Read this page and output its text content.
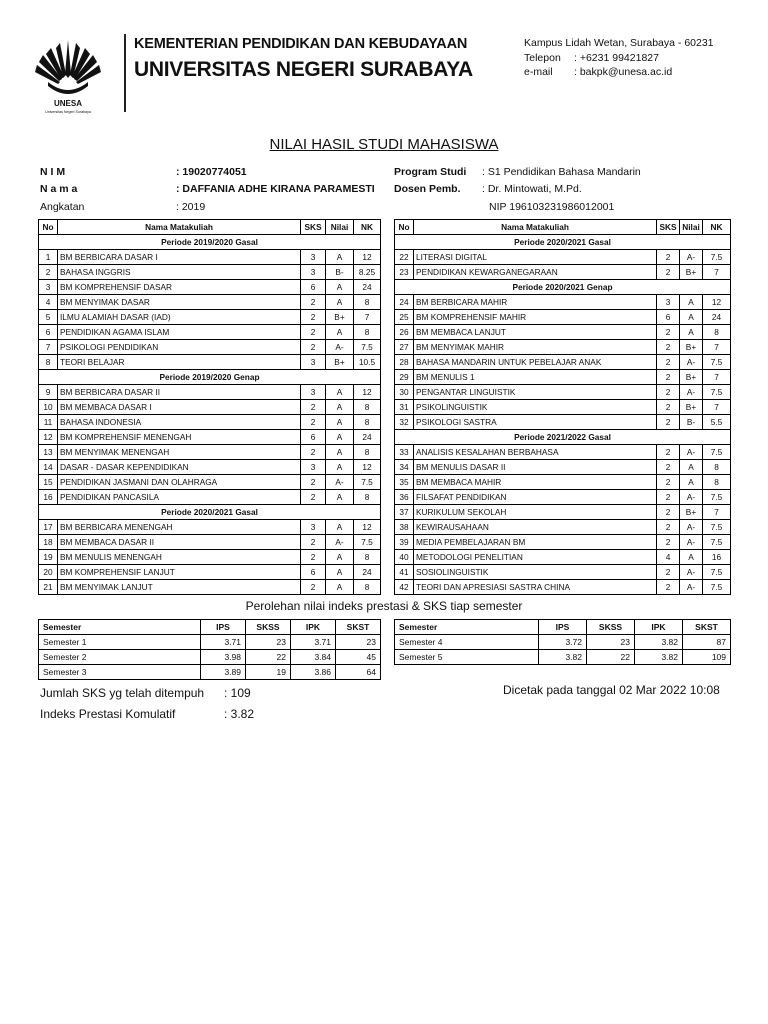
UNESA
Universitas Negeri Surabaya
KEMENTERIAN PENDIDIKAN DAN KEBUDAYAAN
UNIVERSITAS NEGERI SURABAYA
Kampus Lidah Wetan, Surabaya - 60231
Telepon : +6231 99421827
e-mail : bakpk@unesa.ac.id
NILAI HASIL STUDI MAHASISWA
N I M	: 19020774051
N a m a	: DAFFANIA ADHE KIRANA PARAMESTI
Angkatan	: 2019
Program Studi : S1 Pendidikan Bahasa Mandarin
Dosen Pemb. : Dr. Mintowati, M.Pd.
NIP 196103231986012001
No	Nama Matakuliah	SKS	Nilai	NK
Periode 2019/2020 Gasal				
1	BM BERBICARA DASAR I	3	A	12
2	BAHASA INGGRIS	3	B-	8.25
3	BM KOMPREHENSIF DASAR	6	A	24
4	BM MENYIMAK DASAR	2	A	8
5	ILMU ALAMIAH DASAR (IAD)	2	B+	7
6	PENDIDIKAN AGAMA ISLAM	2	A	8
7	PSIKOLOGI PENDIDIKAN	2	A-	7.5
8	TEORI BELAJAR	3	B+	10.5
Periode 2019/2020 Genap				
9	BM BERBICARA DASAR II	3	A	12
10	BM MEMBACA DASAR I	2	A	8
11	BAHASA INDONESIA	2	A	8
12	BM KOMPREHENSIF MENENGAH	6	A	24
13	BM MENYIMAK MENENGAH	2	A	8
14	DASAR - DASAR KEPENDIDIKAN	3	A	12
15	PENDIDIKAN JASMANI DAN OLAHRAGA	2	A-	7.5
16	PENDIDIKAN PANCASILA	2	A	8
Periode 2020/2021 Gasal				
17	BM BERBICARA MENENGAH	3	A	12
18	BM MEMBACA DASAR II	2	A-	7.5
19	BM MENULIS MENENGAH	2	A	8
20	BM KOMPREHENSIF LANJUT	6	A	24
21	BM MENYIMAK LANJUT	2	A	8
No	Nama Matakuliah	SKS	Nilai	NK
Periode 2020/2021 Gasal				
22	LITERASI DIGITAL	2	A-	7.5
23	PENDIDIKAN KEWARGANEGARAAN	2	B+	7
Periode 2020/2021 Genap				
24	BM BERBICARA MAHIR	3	A	12
25	BM KOMPREHENSIF MAHIR	6	A	24
26	BM MEMBACA LANJUT	2	A	8
27	BM MENYIMAK MAHIR	2	B+	7
28	BAHASA MANDARIN UNTUK PEBELAJAR ANAK	2	A-	7.5
29	BM MENULIS 1	2	B+	7
30	PENGANTAR LINGUISTIK	2	A-	7.5
31	PSIKOLINGUISTIK	2	B+	7
32	PSIKOLOGI SASTRA	2	B-	5.5
Periode 2021/2022 Gasal				
33	ANALISIS KESALAHAN BERBAHASA	2	A-	7.5
34	BM MENULIS DASAR II	2	A	8
35	BM MEMBACA MAHIR	2	A	8
36	FILSAFAT PENDIDIKAN	2	A-	7.5
37	KURIKULUM SEKOLAH	2	B+	7
38	KEWIRAUSAHAAN	2	A-	7.5
39	MEDIA PEMBELAJARAN BM	2	A-	7.5
40	METODOLOGI PENELITIAN	4	A	16
41	SOSIOLINGUISTIK	2	A-	7.5
42	TEORI DAN APRESIASI SASTRA CHINA	2	A-	7.5
Perolehan nilai indeks prestasi & SKS tiap semester
Semester	IPS	SKSS	IPK	SKST
Semester 1	3.71	23	3.71	23
Semester 2	3.98	22	3.84	45
Semester 3	3.89	19	3.86	64
Semester	IPS	SKSS	IPK	SKST
Semester 4	3.72	23	3.82	87
Semester 5	3.82	22	3.82	109
Jumlah SKS yg telah ditempuh : 109
Indeks Prestasi Komulatif	: 3.82
Dicetak pada tanggal 02 Mar 2022 10:08
